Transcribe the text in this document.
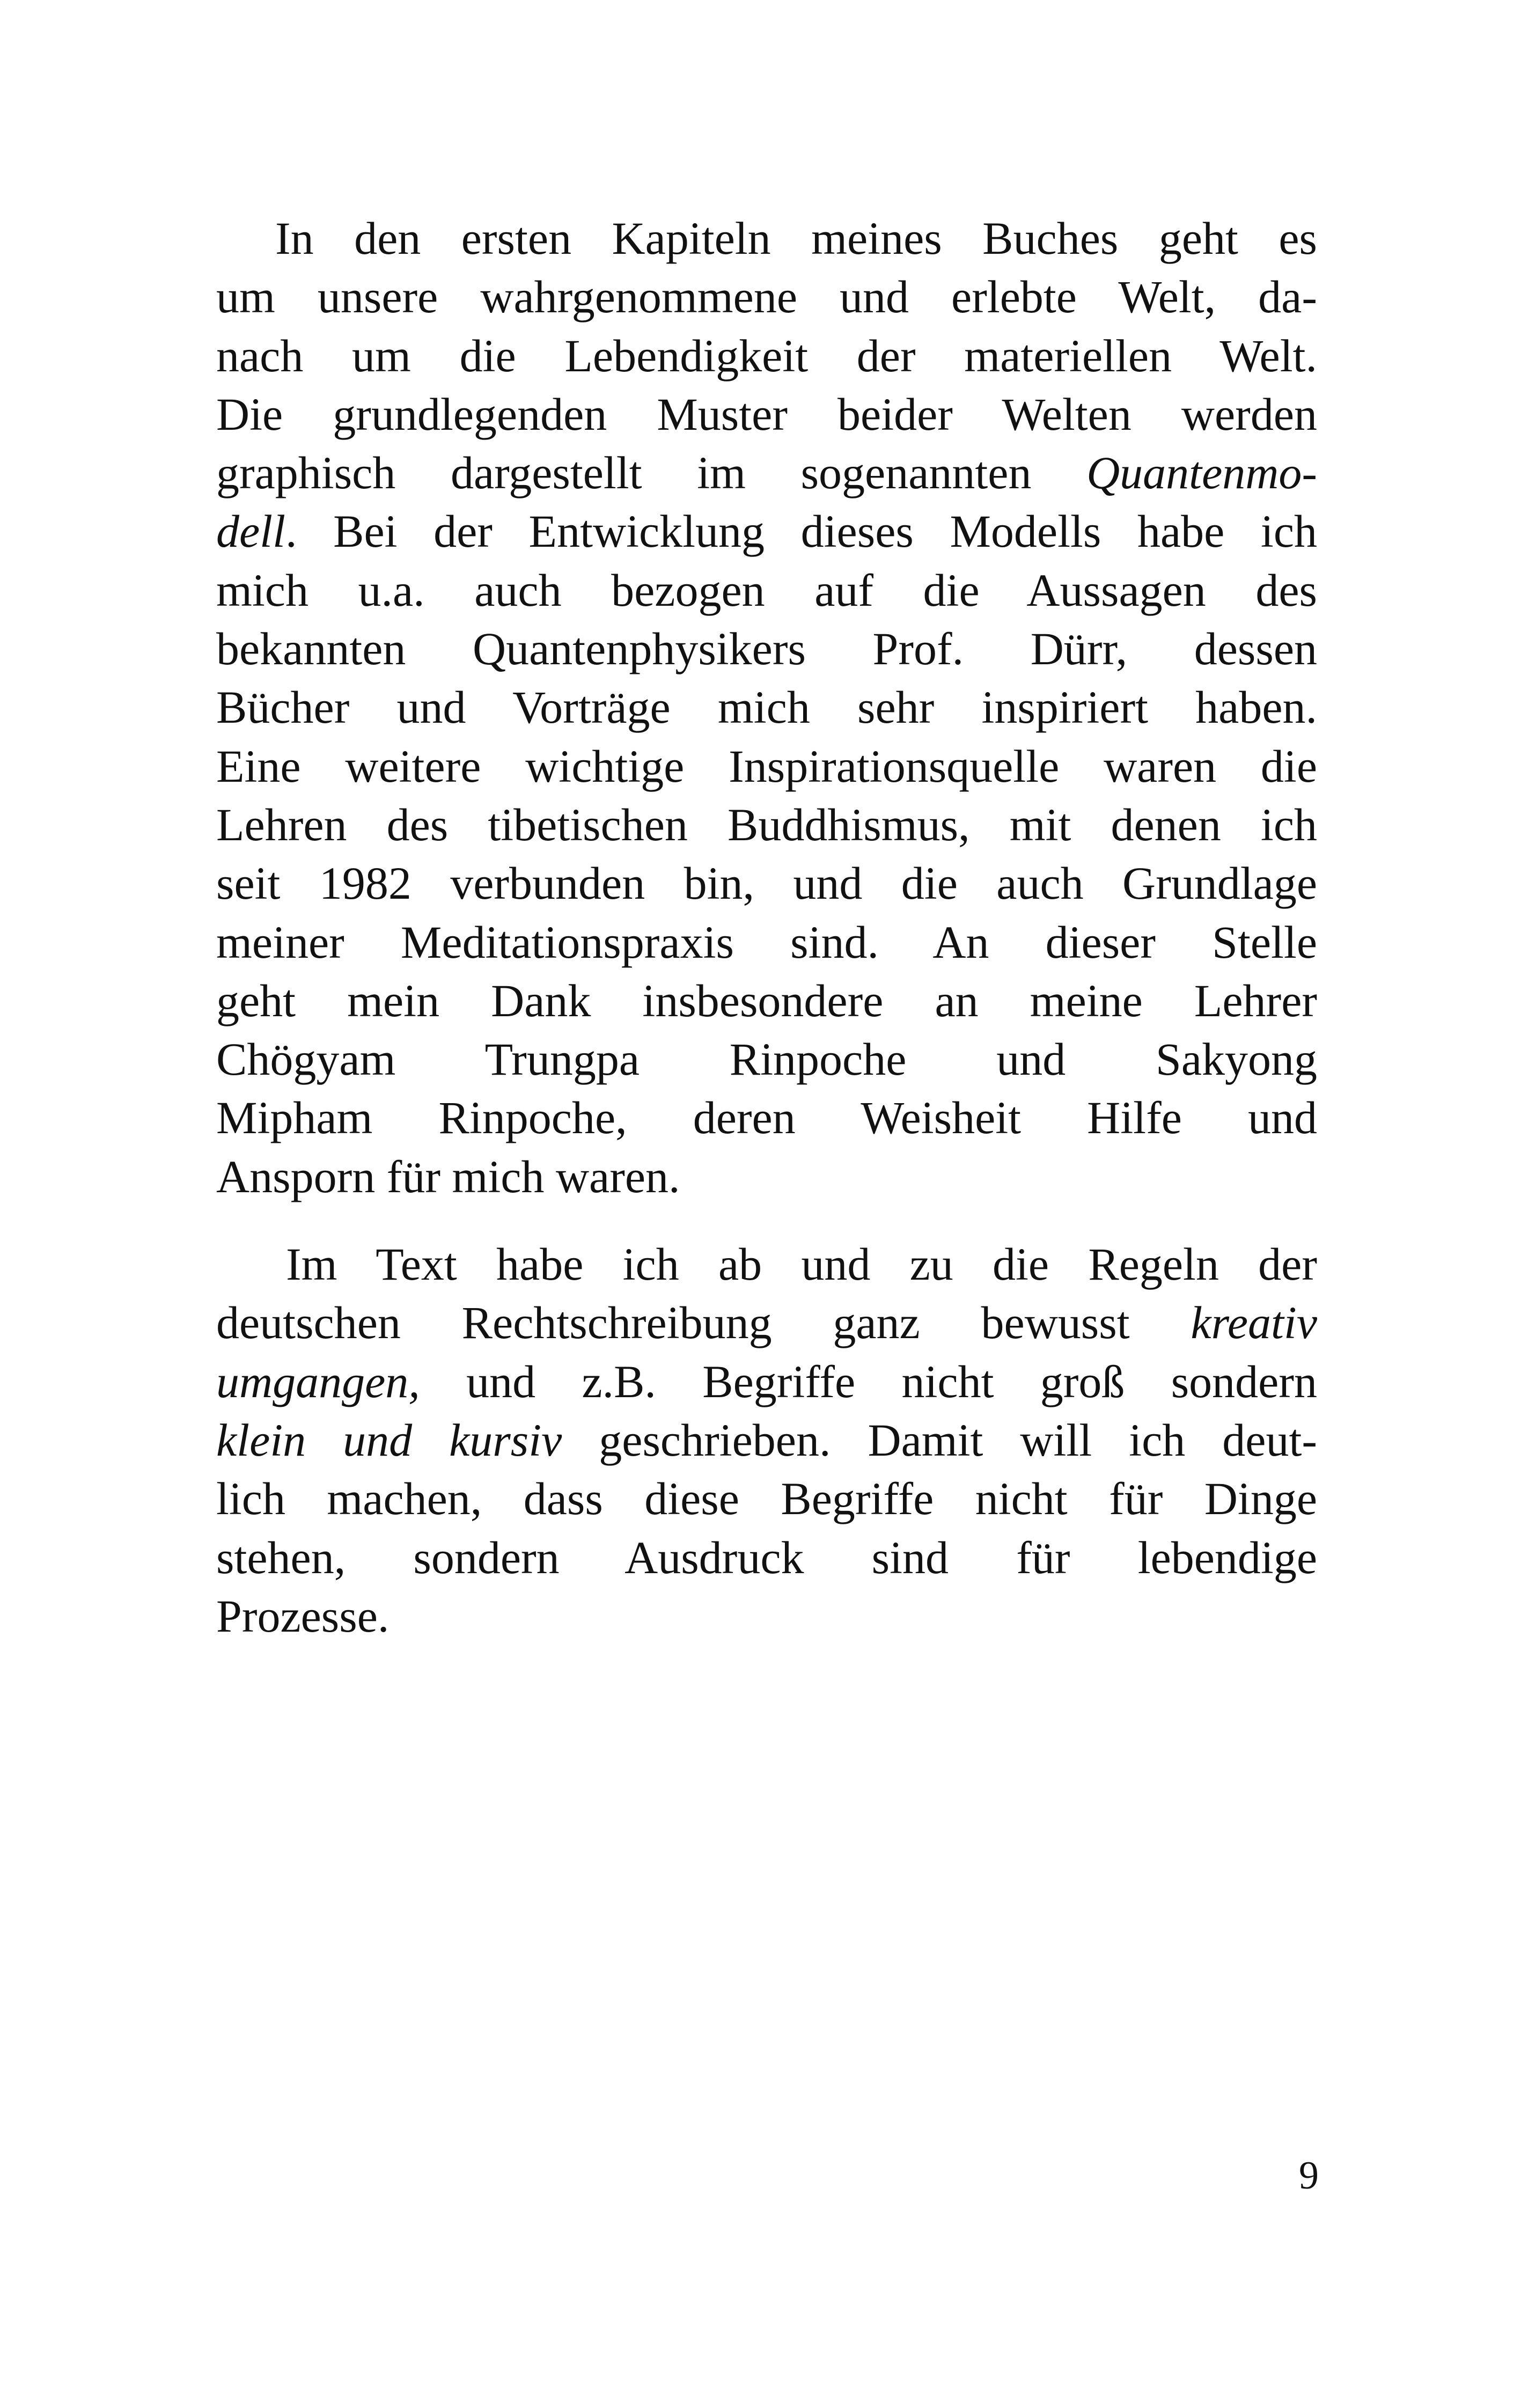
In den ersten Kapiteln meines Buches geht es
um unsere wahrgenommene und erlebte Welt, da-
nach um die Lebendigkeit der materiellen Welt.
Die grundlegenden Muster beider Welten werden
graphisch dargestellt im sogenannten Quantenmo-
dell. Bei der Entwicklung dieses Modells habe ich
mich u.a. auch bezogen auf die Aussagen des
bekannten Quantenphysikers Prof. Dürr, dessen
Bücher und Vorträge mich sehr inspiriert haben.
Eine weitere wichtige Inspirationsquelle waren die
Lehren des tibetischen Buddhismus, mit denen ich
seit 1982 verbunden bin, und die auch Grundlage
meiner Meditationspraxis sind. An dieser Stelle
geht mein Dank insbesondere an meine Lehrer
Chögyam Trungpa Rinpoche und Sakyong
Mipham Rinpoche, deren Weisheit Hilfe und
Ansporn für mich waren.
Im Text habe ich ab und zu die Regeln der
deutschen Rechtschreibung ganz bewusst kreativ
umgangen, und z.B. Begriffe nicht groß sondern
klein und kursiv geschrieben. Damit will ich deut-
lich machen, dass diese Begriffe nicht für Dinge
stehen, sondern Ausdruck sind für lebendige
Prozesse.
9
